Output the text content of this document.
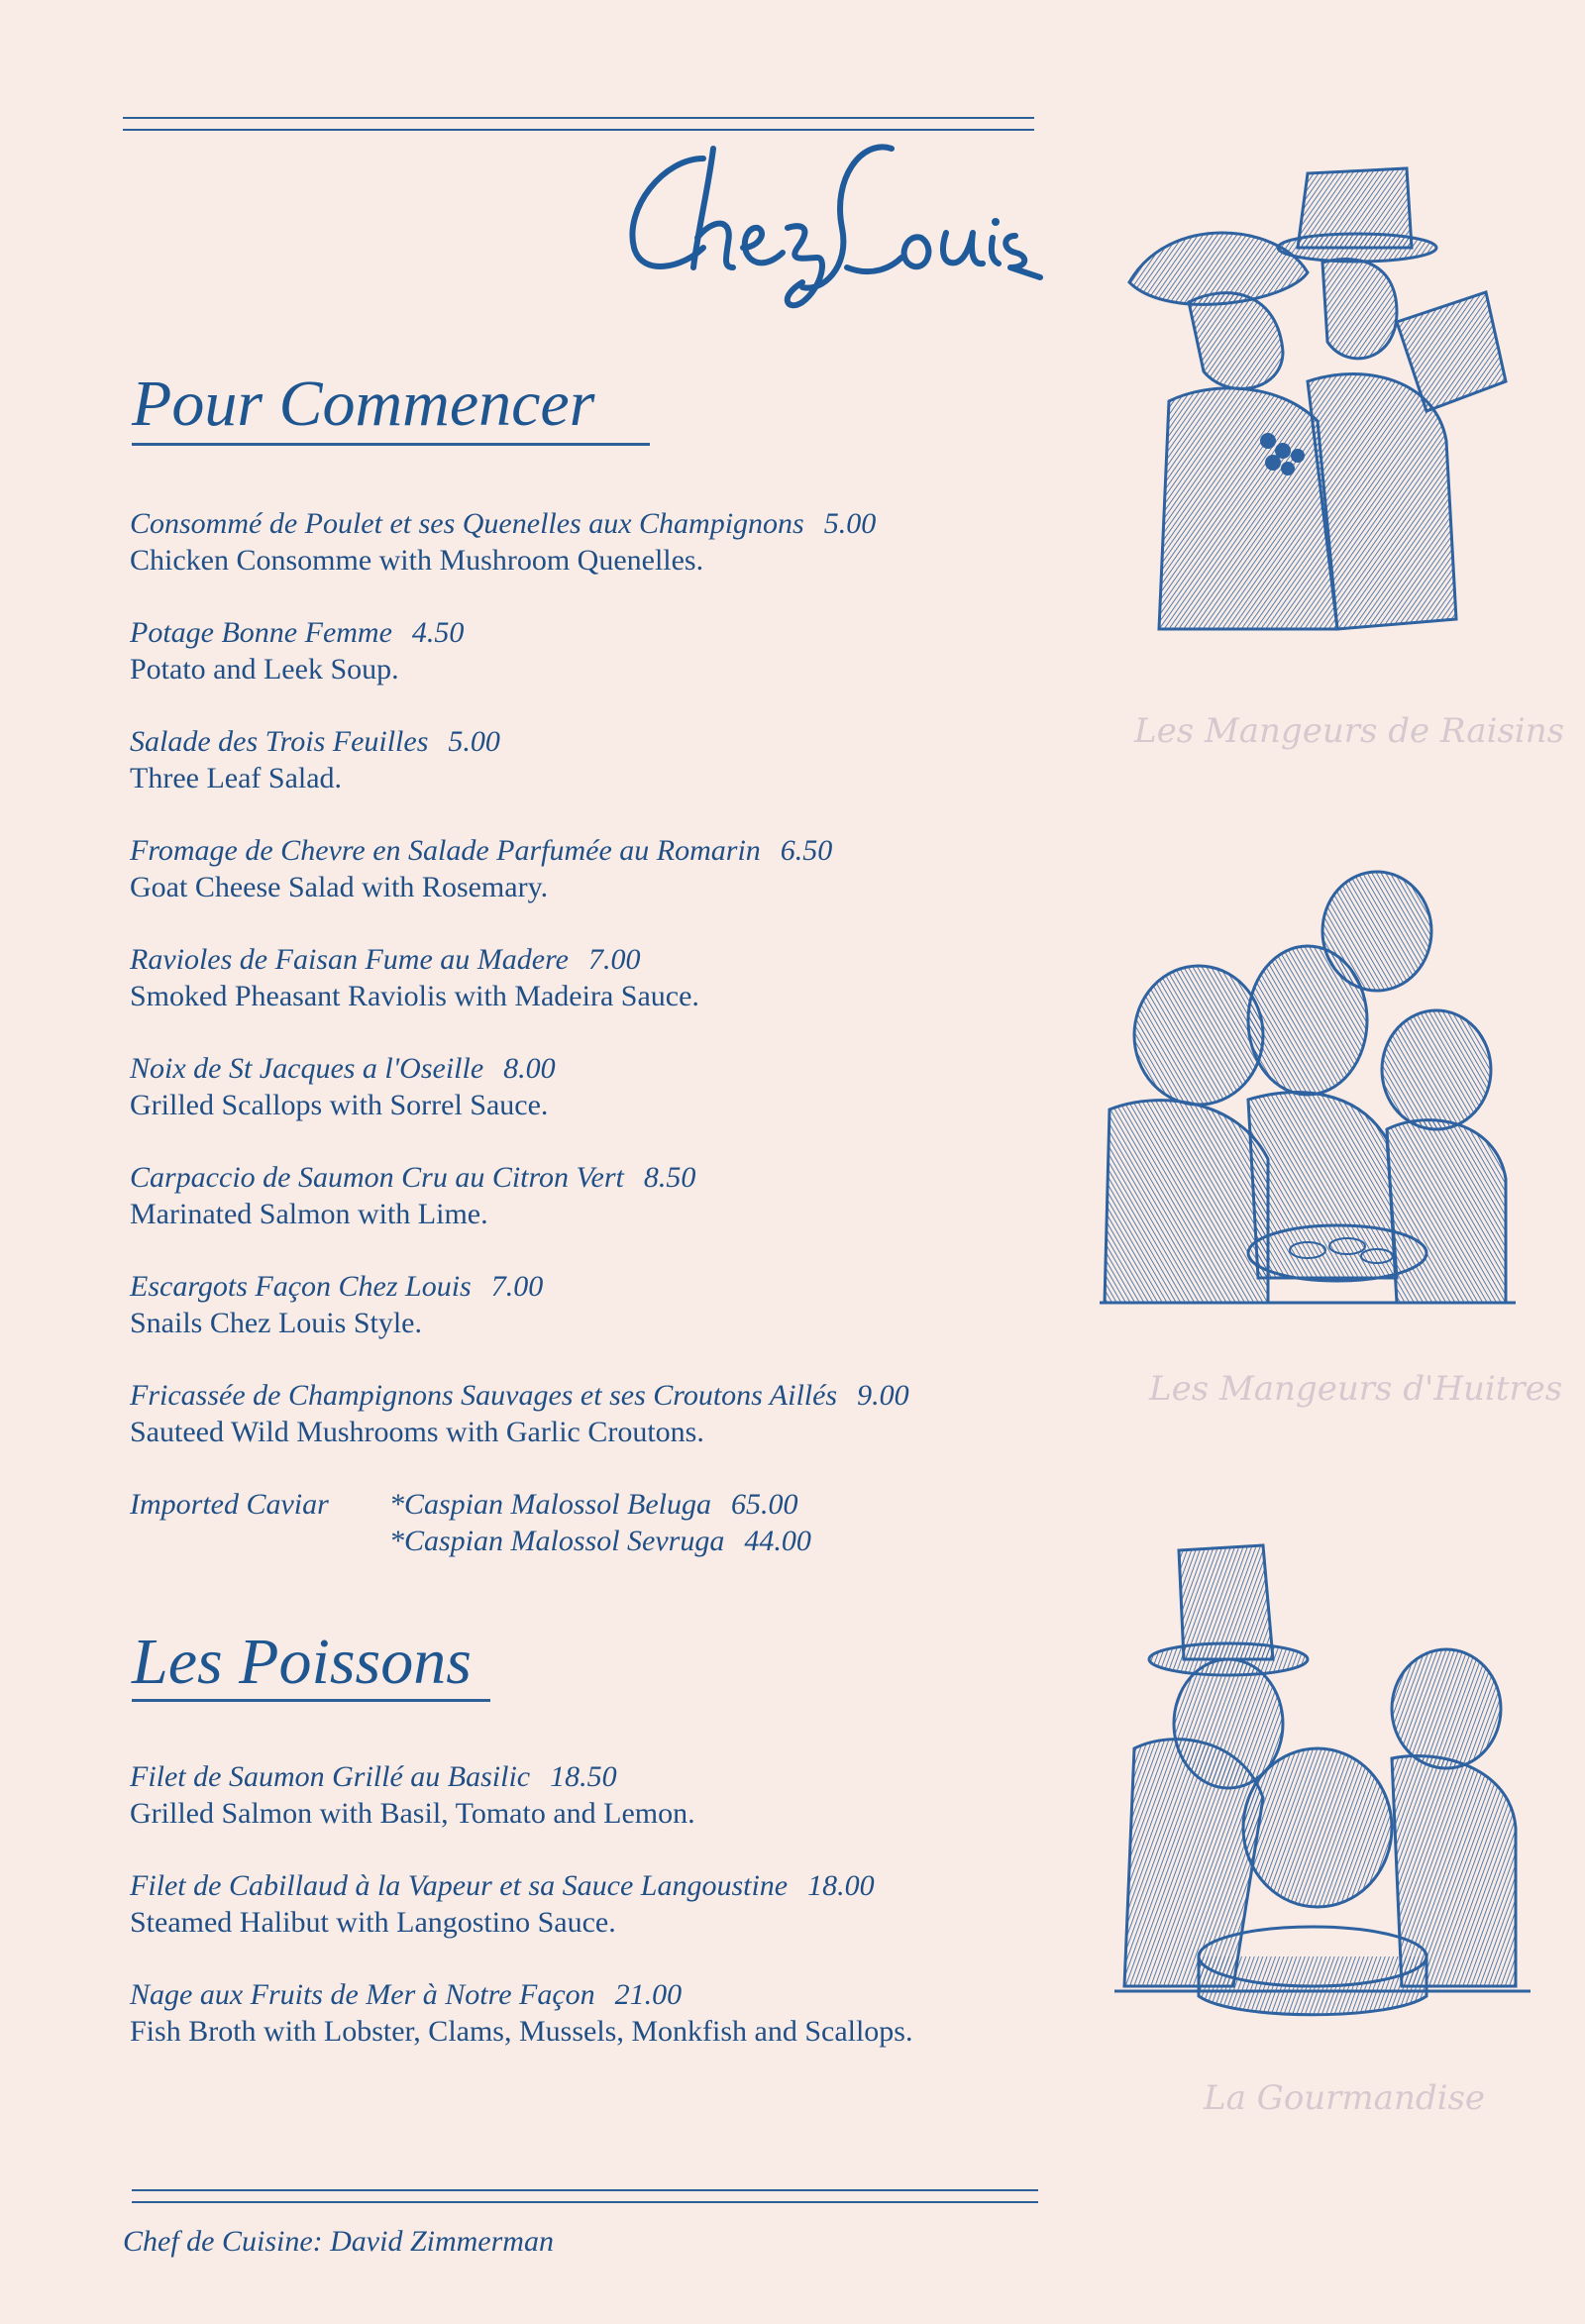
Pour Commencer
Consommé de Poulet et ses Quenelles aux Champignons 5.00
Chicken Consomme with Mushroom Quenelles.
Potage Bonne Femme 4.50
Potato and Leek Soup.
Salade des Trois Feuilles 5.00
Three Leaf Salad.
Fromage de Chevre en Salade Parfumée au Romarin 6.50
Goat Cheese Salad with Rosemary.
Ravioles de Faisan Fume au Madere 7.00
Smoked Pheasant Raviolis with Madeira Sauce.
Noix de St Jacques a l'Oseille 8.00
Grilled Scallops with Sorrel Sauce.
Carpaccio de Saumon Cru au Citron Vert 8.50
Marinated Salmon with Lime.
Escargots Façon Chez Louis 7.00
Snails Chez Louis Style.
Fricassée de Champignons Sauvages et ses Croutons Aillés 9.00
Sauteed Wild Mushrooms with Garlic Croutons.
Imported Caviar *Caspian Malossol Beluga 65.00
*Caspian Malossol Sevruga 44.00
Les Poissons
Filet de Saumon Grillé au Basilic 18.50
Grilled Salmon with Basil, Tomato and Lemon.
Filet de Cabillaud à la Vapeur et sa Sauce Langoustine 18.00
Steamed Halibut with Langostino Sauce.
Nage aux Fruits de Mer à Notre Façon 21.00
Fish Broth with Lobster, Clams, Mussels, Monkfish and Scallops.
Chef de Cuisine: David Zimmerman
Les Mangeurs de Raisins
Les Mangeurs d'Huitres
La Gourmandise
